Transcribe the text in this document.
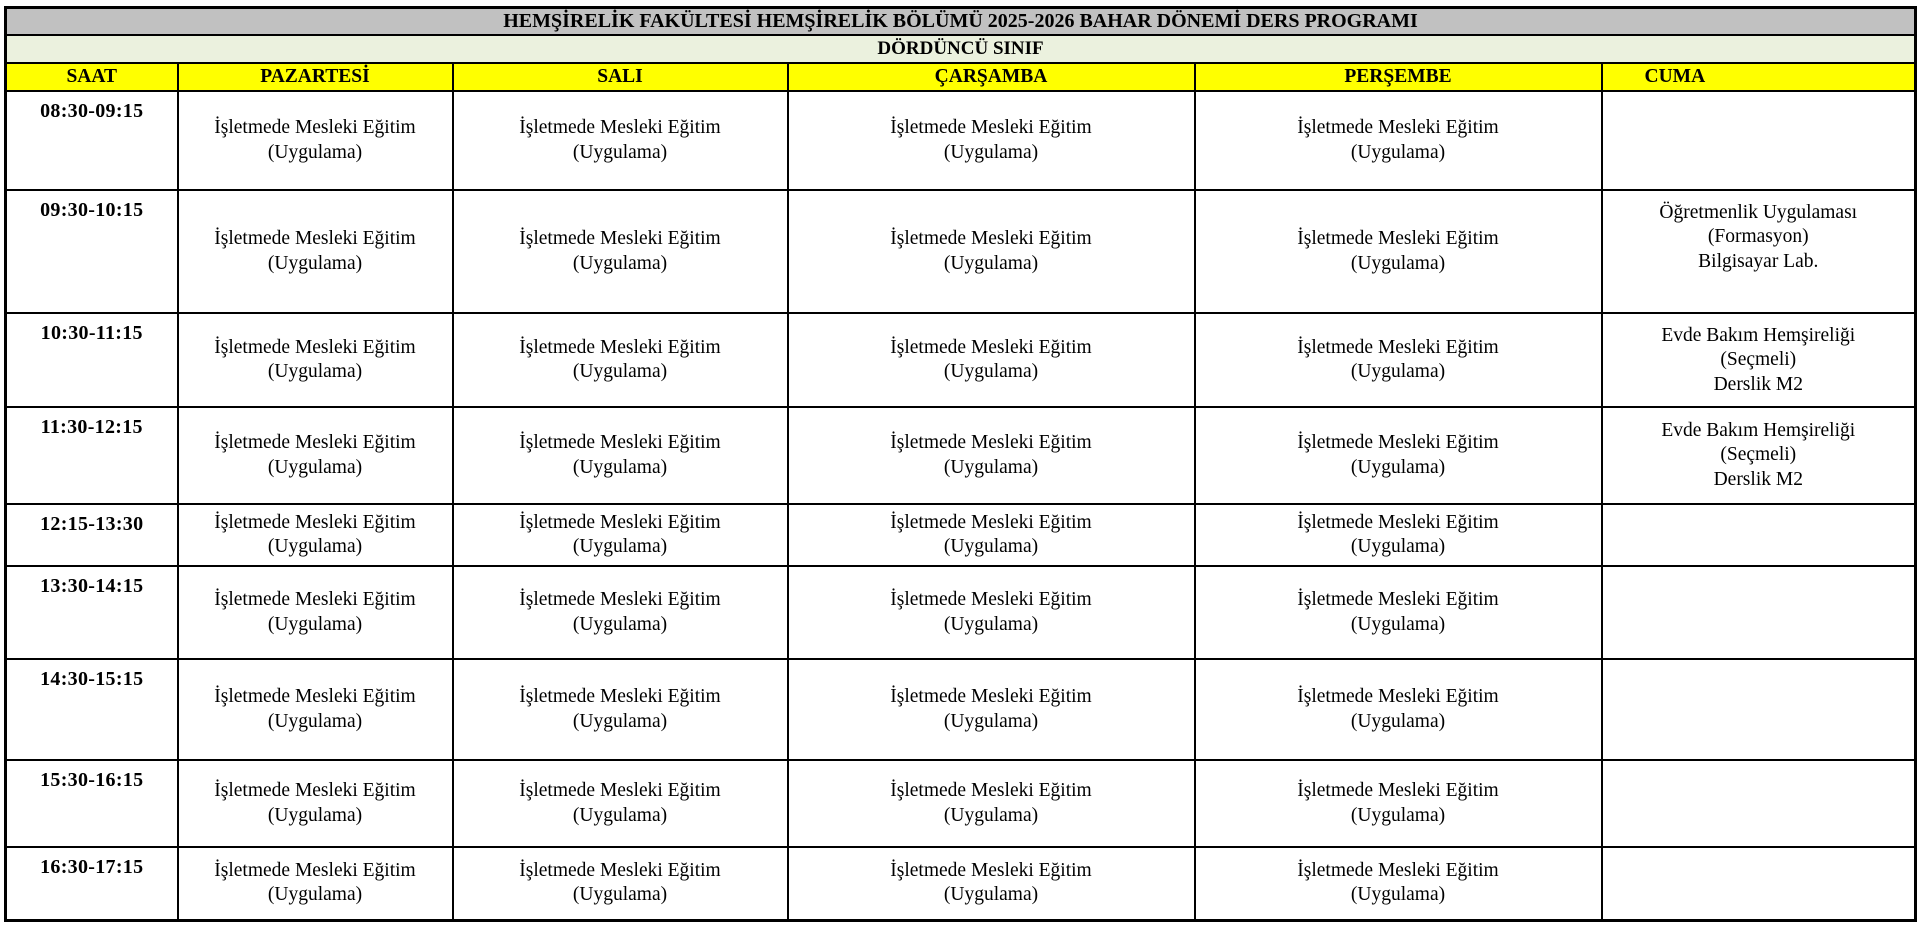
HEMŞİRELİK FAKÜLTESİ HEMŞİRELİK BÖLÜMÜ 2025-2026 BAHAR DÖNEMİ DERS PROGRAMI					
DÖRDÜNCÜ SINIF					
SAAT	PAZARTESİ	SALI	ÇARŞAMBA	PERŞEMBE	CUMA
08:30-09:15	İşletmede Mesleki Eğitim
(Uygulama)	İşletmede Mesleki Eğitim
(Uygulama)	İşletmede Mesleki Eğitim
(Uygulama)	İşletmede Mesleki Eğitim
(Uygulama)	
09:30-10:15	İşletmede Mesleki Eğitim
(Uygulama)	İşletmede Mesleki Eğitim
(Uygulama)	İşletmede Mesleki Eğitim
(Uygulama)	İşletmede Mesleki Eğitim
(Uygulama)	Öğretmenlik Uygulaması
(Formasyon)
Bilgisayar Lab.
10:30-11:15	İşletmede Mesleki Eğitim
(Uygulama)	İşletmede Mesleki Eğitim
(Uygulama)	İşletmede Mesleki Eğitim
(Uygulama)	İşletmede Mesleki Eğitim
(Uygulama)	Evde Bakım Hemşireliği
(Seçmeli)
Derslik M2
11:30-12:15	İşletmede Mesleki Eğitim
(Uygulama)	İşletmede Mesleki Eğitim
(Uygulama)	İşletmede Mesleki Eğitim
(Uygulama)	İşletmede Mesleki Eğitim
(Uygulama)	Evde Bakım Hemşireliği
(Seçmeli)
Derslik M2
12:15-13:30	İşletmede Mesleki Eğitim
(Uygulama)	İşletmede Mesleki Eğitim
(Uygulama)	İşletmede Mesleki Eğitim
(Uygulama)	İşletmede Mesleki Eğitim
(Uygulama)	
13:30-14:15	İşletmede Mesleki Eğitim
(Uygulama)	İşletmede Mesleki Eğitim
(Uygulama)	İşletmede Mesleki Eğitim
(Uygulama)	İşletmede Mesleki Eğitim
(Uygulama)	
14:30-15:15	İşletmede Mesleki Eğitim
(Uygulama)	İşletmede Mesleki Eğitim
(Uygulama)	İşletmede Mesleki Eğitim
(Uygulama)	İşletmede Mesleki Eğitim
(Uygulama)	
15:30-16:15	İşletmede Mesleki Eğitim
(Uygulama)	İşletmede Mesleki Eğitim
(Uygulama)	İşletmede Mesleki Eğitim
(Uygulama)	İşletmede Mesleki Eğitim
(Uygulama)	
16:30-17:15	İşletmede Mesleki Eğitim
(Uygulama)	İşletmede Mesleki Eğitim
(Uygulama)	İşletmede Mesleki Eğitim
(Uygulama)	İşletmede Mesleki Eğitim
(Uygulama)	
